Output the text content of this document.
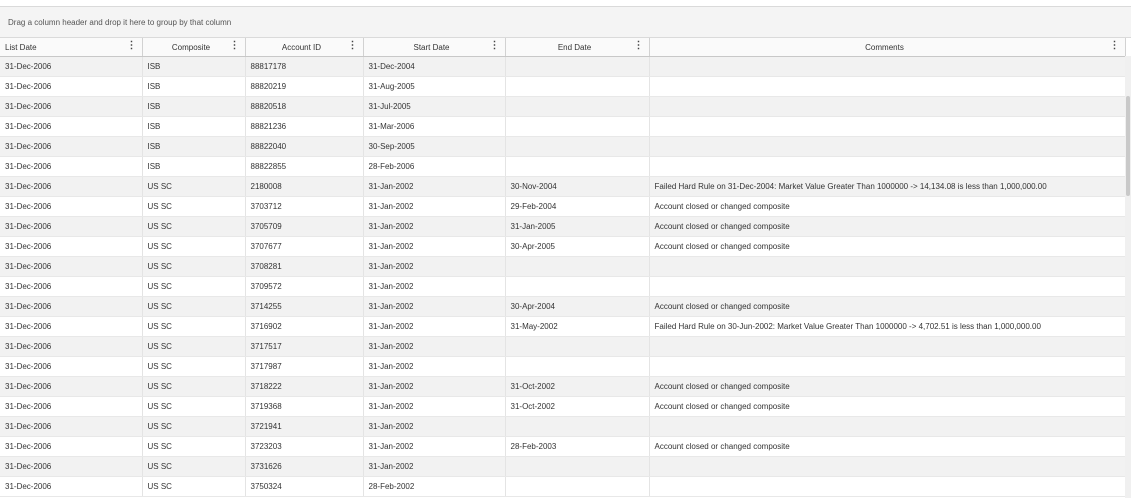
Drag a column header and drop it here to group by that column
List Date	⋮	Composite ⋮	Account ID	⋮	Start Date	⋮	End Date	⋮	Comments	⋮
31-Dec-2006	ISB	88817178	31-Dec-2004		
31-Dec-2006	ISB	88820219	31-Aug-2005		
31-Dec-2006	ISB	88820518	31-Jul-2005		
31-Dec-2006	ISB	88821236	31-Mar-2006		
31-Dec-2006	ISB	88822040	30-Sep-2005		
31-Dec-2006	ISB	88822855	28-Feb-2006		
31-Dec-2006	US SC	2180008	31-Jan-2002	30-Nov-2004	Failed Hard Rule on 31-Dec-2004: Market Value Greater Than 1000000 -> 14,134.08 is less than 1,000,000.00
31-Dec-2006	US SC	3703712	31-Jan-2002	29-Feb-2004	Account closed or changed composite
31-Dec-2006	US SC	3705709	31-Jan-2002	31-Jan-2005	Account closed or changed composite
31-Dec-2006	US SC	3707677	31-Jan-2002	30-Apr-2005	Account closed or changed composite
31-Dec-2006	US SC	3708281	31-Jan-2002		
31-Dec-2006	US SC	3709572	31-Jan-2002		
31-Dec-2006	US SC	3714255	31-Jan-2002	30-Apr-2004	Account closed or changed composite
31-Dec-2006	US SC	3716902	31-Jan-2002	31-May-2002	Failed Hard Rule on 30-Jun-2002: Market Value Greater Than 1000000 -> 4,702.51 is less than 1,000,000.00
31-Dec-2006	US SC	3717517	31-Jan-2002		
31-Dec-2006	US SC	3717987	31-Jan-2002		
31-Dec-2006	US SC	3718222	31-Jan-2002	31-Oct-2002	Account closed or changed composite
31-Dec-2006	US SC	3719368	31-Jan-2002	31-Oct-2002	Account closed or changed composite
31-Dec-2006	US SC	3721941	31-Jan-2002		
31-Dec-2006	US SC	3723203	31-Jan-2002	28-Feb-2003	Account closed or changed composite
31-Dec-2006	US SC	3731626	31-Jan-2002		
31-Dec-2006	US SC	3750324	28-Feb-2002		
